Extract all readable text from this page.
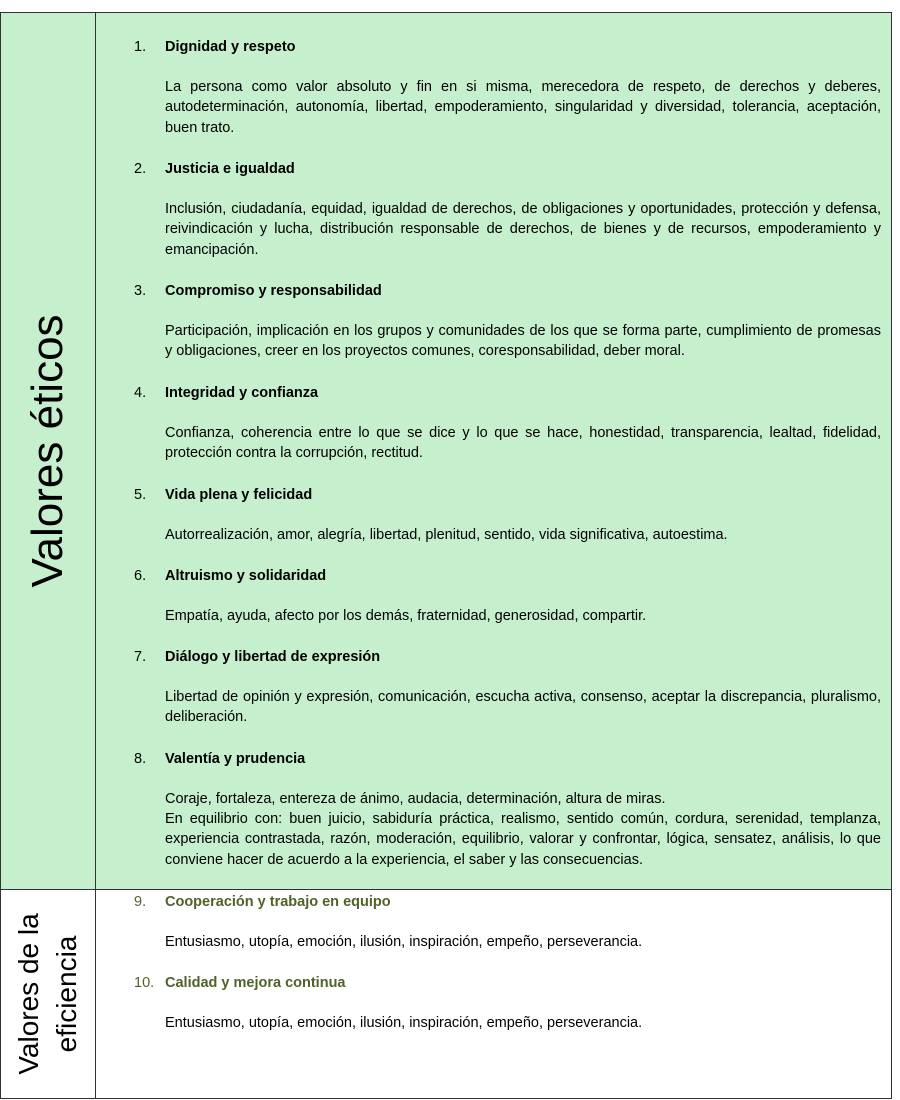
Valores éticos
1. Dignidad y respeto
La persona como valor absoluto y fin en si misma, merecedora de respeto, de derechos y deberes, autodeterminación, autonomía, libertad, empoderamiento, singularidad y diversidad, tolerancia, aceptación, buen trato.
2. Justicia e igualdad
Inclusión, ciudadanía, equidad, igualdad de derechos, de obligaciones y oportunidades, protección y defensa, reivindicación y lucha, distribución responsable de derechos, de bienes y de recursos, empoderamiento y emancipación.
3. Compromiso y responsabilidad
Participación, implicación en los grupos y comunidades de los que se forma parte, cumplimiento de promesas y obligaciones, creer en los proyectos comunes, coresponsabilidad, deber moral.
4. Integridad y confianza
Confianza, coherencia entre lo que se dice y lo que se hace, honestidad, transparencia, lealtad, fidelidad, protección contra la corrupción, rectitud.
5. Vida plena y felicidad
Autorrealización, amor, alegría, libertad, plenitud, sentido, vida significativa, autoestima.
6. Altruismo y solidaridad
Empatía, ayuda, afecto por los demás, fraternidad, generosidad, compartir.
7. Diálogo y libertad de expresión
Libertad de opinión y expresión, comunicación, escucha activa, consenso, aceptar la discrepancia, pluralismo, deliberación.
8. Valentía y prudencia
Coraje, fortaleza, entereza de ánimo, audacia, determinación, altura de miras.
En equilibrio con: buen juicio, sabiduría práctica, realismo, sentido común, cordura, serenidad, templanza, experiencia contrastada, razón, moderación, equilibrio, valorar y confrontar, lógica, sensatez, análisis, lo que conviene hacer de acuerdo a la experiencia, el saber y las consecuencias.
Valores de la eficiencia
9. Cooperación y trabajo en equipo
Entusiasmo, utopía, emoción, ilusión, inspiración, empeño, perseverancia.
10. Calidad y mejora continua
Entusiasmo, utopía, emoción, ilusión, inspiración, empeño, perseverancia.
